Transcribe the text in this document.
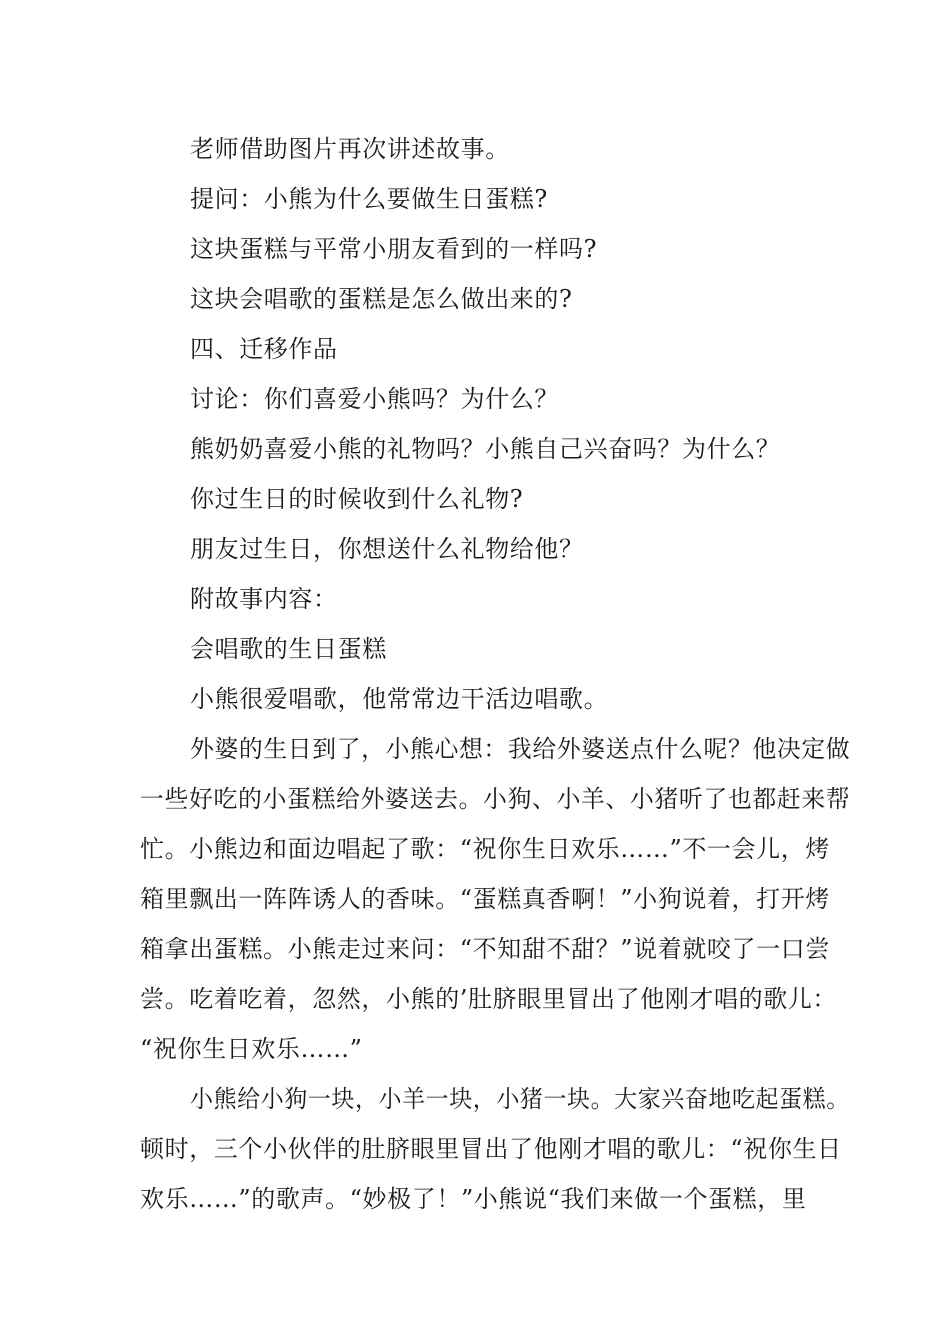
老师借助图片再次讲述故事。
提问：小熊为什么要做生日蛋糕?
这块蛋糕与平常小朋友看到的一样吗?
这块会唱歌的蛋糕是怎么做出来的?
四、迁移作品
讨论：你们喜爱小熊吗？为什么？
熊奶奶喜爱小熊的礼物吗？小熊自己兴奋吗？为什么？
你过生日的时候收到什么礼物?
朋友过生日，你想送什么礼物给他？
附故事内容：
会唱歌的生日蛋糕
小熊很爱唱歌，他常常边干活边唱歌。
外婆的生日到了，小熊心想：我给外婆送点什么呢？他决定做
一些好吃的小蛋糕给外婆送去。小狗、小羊、小猪听了也都赶来帮
忙。小熊边和面边唱起了歌：“祝你生日欢乐……”不一会儿，烤
箱里飘出一阵阵诱人的香味。“蛋糕真香啊！”小狗说着，打开烤
箱拿出蛋糕。小熊走过来问：“不知甜不甜？”说着就咬了一口尝
尝。吃着吃着，忽然，小熊的’肚脐眼里冒出了他刚才唱的歌儿：
“祝你生日欢乐……”
小熊给小狗一块，小羊一块，小猪一块。大家兴奋地吃起蛋糕。
顿时，三个小伙伴的肚脐眼里冒出了他刚才唱的歌儿：“祝你生日
欢乐……”的歌声。“妙极了！”小熊说“我们来做一个蛋糕，里
